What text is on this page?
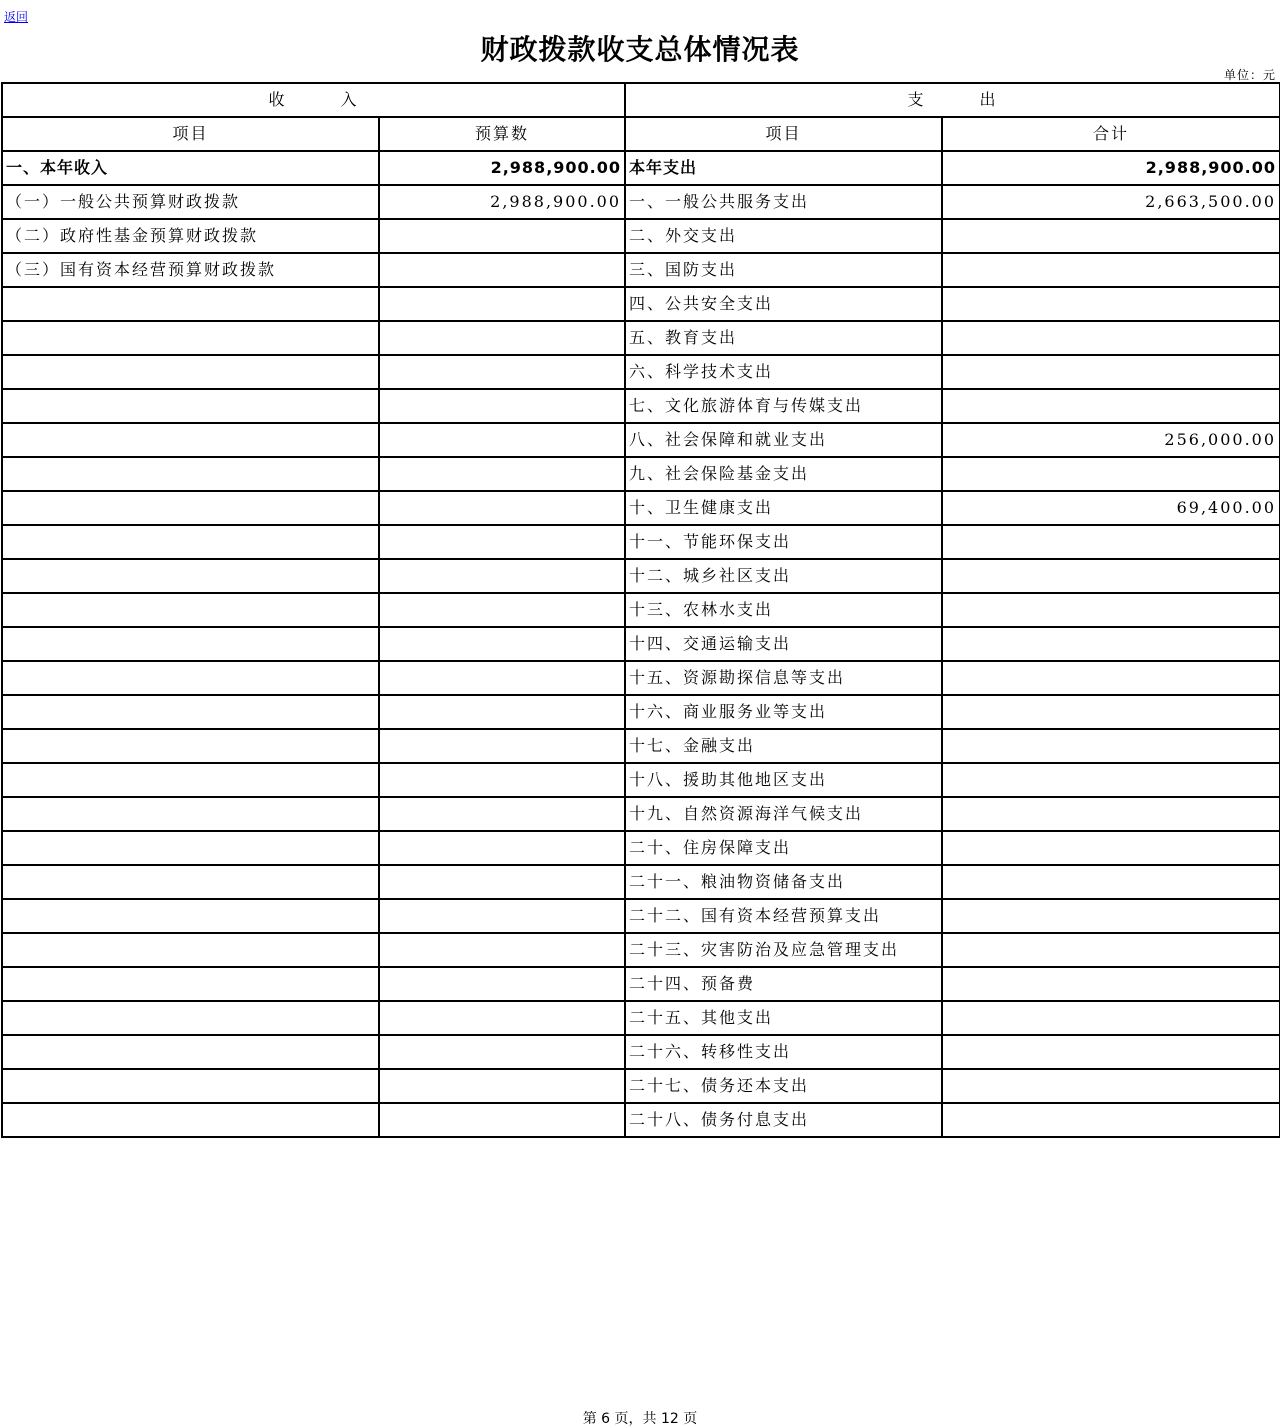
返回
财政拨款收支总体情况表
单位：元
收　　　入		支　　　出	
项目	预算数	项目	合计
一、本年收入	2,988,900.00	本年支出	2,988,900.00
（一）一般公共预算财政拨款	2,988,900.00	一、一般公共服务支出	2,663,500.00
（二）政府性基金预算财政拨款		二、外交支出	
（三）国有资本经营预算财政拨款		三、国防支出	
		四、公共安全支出	
		五、教育支出	
		六、科学技术支出	
		七、文化旅游体育与传媒支出	
		八、社会保障和就业支出	256,000.00
		九、社会保险基金支出	
		十、卫生健康支出	69,400.00
		十一、节能环保支出	
		十二、城乡社区支出	
		十三、农林水支出	
		十四、交通运输支出	
		十五、资源勘探信息等支出	
		十六、商业服务业等支出	
		十七、金融支出	
		十八、援助其他地区支出	
		十九、自然资源海洋气候支出	
		二十、住房保障支出	
		二十一、粮油物资储备支出	
		二十二、国有资本经营预算支出	
		二十三、灾害防治及应急管理支出	
		二十四、预备费	
		二十五、其他支出	
		二十六、转移性支出	
		二十七、债务还本支出	
		二十八、债务付息支出	
第 6 页，共 12 页
